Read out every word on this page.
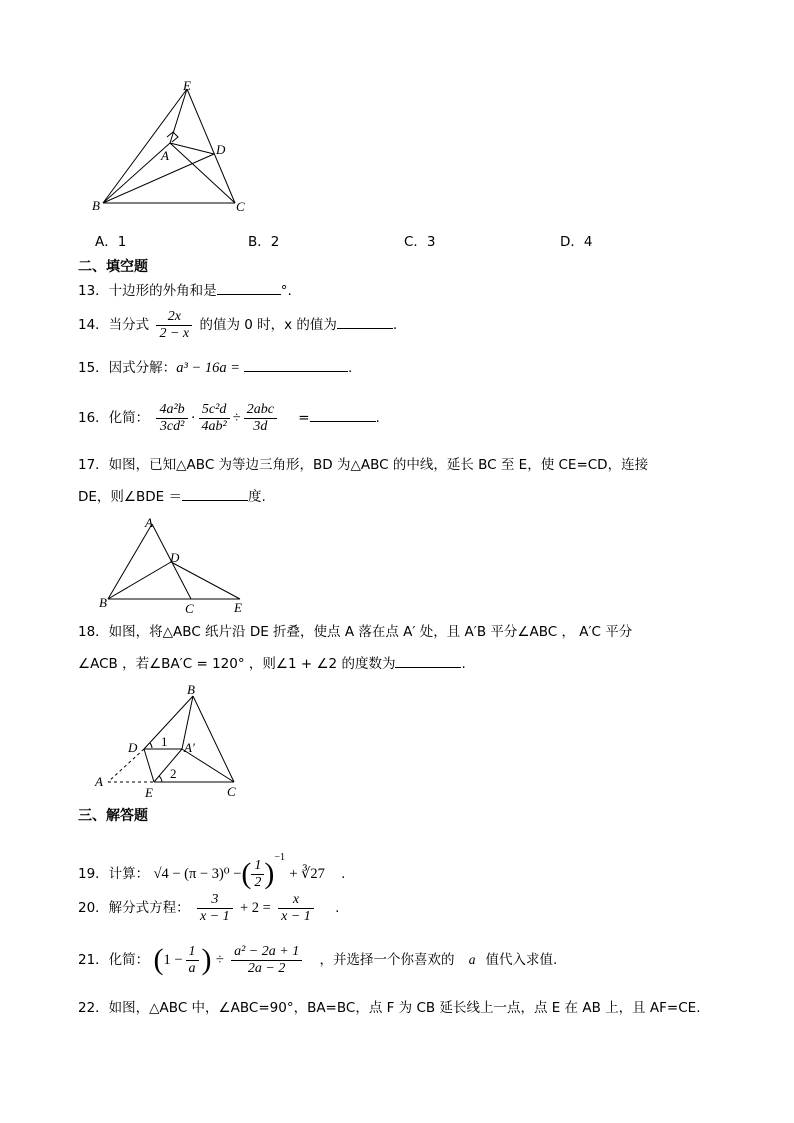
E
A	D
B	C
A．1	B．2	C．3	D．4
二、填空题
13．十边形的外角和是	°.
14．当分式 $\frac{2x}{2 - x}$ 的值为 0 时，x 的值为	.
15．因式分解：a³ − 16a =	.
16．化简： $\frac{\text{4a²b}}{\text{3cd²}} \cdot \frac{\text{5c²d}}{\text{4ab²}} \div \frac{\text{2abc}}{3d}$ =	.
17．如图，已知△ABC 为等边三角形，BD 为△ABC 的中线，延长 BC 至 E，使 CE=CD，连接
DE，则∠BDE ＝	度.
A
D
B	C	E
18．如图，将△ABC 纸片沿 DE 折叠，使点 A 落在点 A′ 处，且 A′B 平分∠ABC ， A′C 平分
∠ACB ，若∠BA′C = 120° ，则∠1 + ∠2 的度数为	.
B
D 1 A′
A
2
E	C
三、解答题
19．计算： √4 − (π − 3)⁰ −( $\frac{1}{2} )^{-1}$ + ∛27 .
20．解分式方程： $\frac{3}{x - 1} + 2 = \frac{x}{x - 1}$ .
21．化简： ($1 - \frac{1}{a}$ ) ÷ $\frac{\text{a² − 2a + 1}}{2a - 2}$ ，并选择一个你喜欢的 a 值代入求值.
22．如图，△ABC 中，∠ABC=90°，BA=BC，点 F 为 CB 延长线上一点，点 E 在 AB 上，且 AF=CE.
